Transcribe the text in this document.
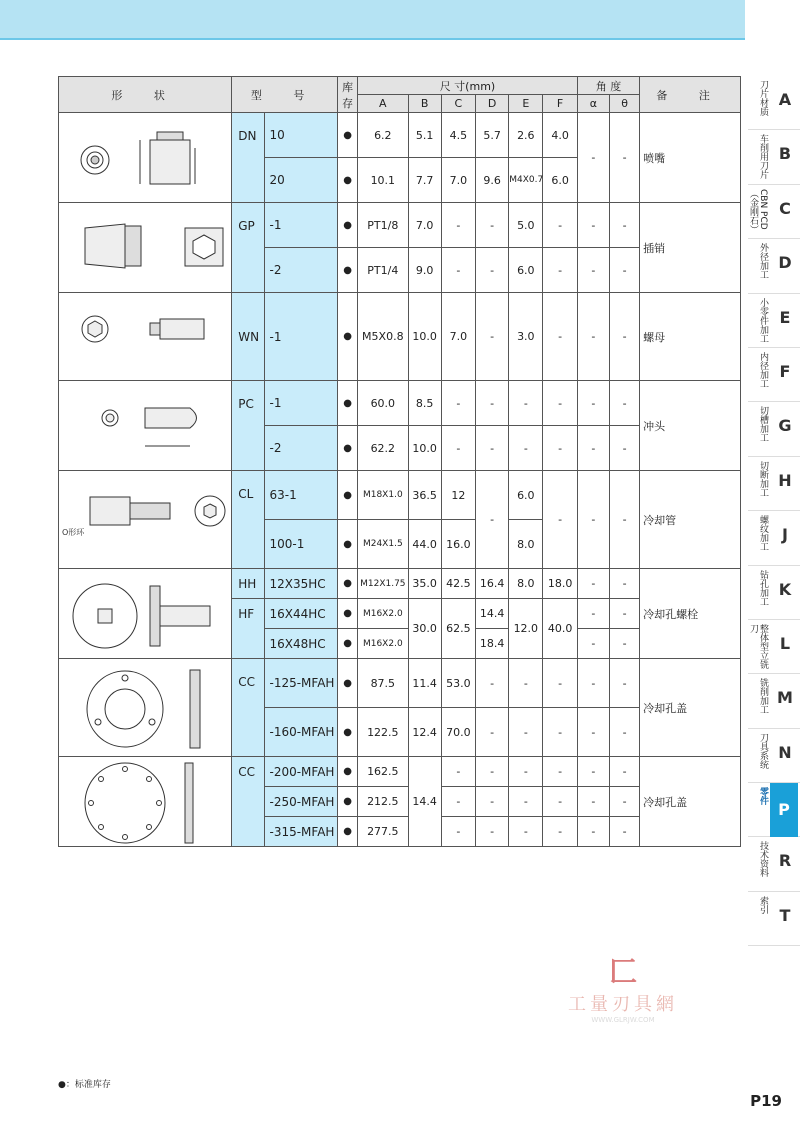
形 状	型 号		库存	尺 寸(mm)						角 度		备 注
				A	B	C	D	E	F	α	θ	

	DN	10	●	6.2	5.1	4.5	5.7	2.6	4.0	-	-	喷嘴
		20	●	10.1	7.7	7.0	9.6	M4X0.7	6.0			

	GP	-1	●	PT1/8	7.0	-	-	5.0	-	-	-	插销
		-2	●	PT1/4	9.0	-	-	6.0	-	-	-	

	WN	-1	●	M5X0.8	10.0	7.0	-	3.0	-	-	-	螺母

	PC	-1	●	60.0	8.5	-	-	-	-	-	-	冲头
		-2	●	62.2	10.0	-	-	-	-	-	-	

O形环	CL	63-1	●	M18X1.0	36.5	12	-	6.0	-	-	-	冷却管
		100-1	●	M24X1.5	44.0	16.0		8.0				

	HH	12X35HC	●	M12X1.75	35.0	42.5	16.4	8.0	18.0	-	-	冷却孔螺栓
	HF	16X44HC	●	M16X2.0	30.0	62.5	14.4	12.0	40.0	-	-	
		16X48HC	●	M16X2.0			18.4			-	-	

	CC	-125-MFAH	●	87.5	11.4	53.0	-	-	-	-	-	冷却孔盖
		-160-MFAH	●	122.5	12.4	70.0	-	-	-	-	-	

	CC	-200-MFAH	●	162.5	14.4	-	-	-	-	-	-	冷却孔盖
		-250-MFAH	●	212.5		-	-	-	-	-	-	
		-315-MFAH	●	277.5		-	-	-	-	-	-	
刀片材质 A
车削用刀片 B
CBN PCD（金刚石）	C
外径加工 D
小零件加工 E
内径加工 F
切槽加工 G
切断加工 H
螺纹加工 J
钻孔加工 K
整体型立铣刀
L
铣削加工 M
刀具系统 N
零件
P
技术资料 R
索引
T
匚
工量刃具網
WWW.GLRJW.COM
●：标准库存
P19
